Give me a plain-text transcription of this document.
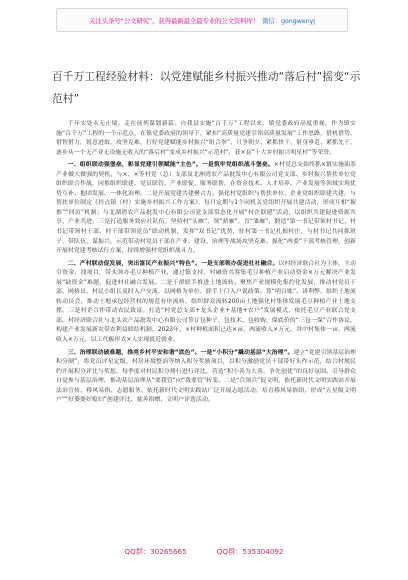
关注头条号“公文研究”，获得最新最全最专业的公文资料库！ 微信：gongwenyj
百千万工程经验材料：以党建赋能乡村振兴推动“落后村”摇变“示范村”

千年实处永无止境，走在前列谋划新篇。自我县实施“百千万”工程以来，镇党委政府高度重视，作为镇实施“百千万”工程的一个示范点，在镇党委政府的领导下，紧扣“高质量党建引领高质量发展”工作思路，借机借势、借智借力，锐意进取、攻坚克难，打好党建赋能乡村振兴“组合拳”，只争朝夕、紧抓快干，射身垂范、紧抓先干，逐步从一个无产业无设施无收入的“落后村”变成乡村振兴“示范村”，获×县“十大乡村振兴明星村”等荣誉。

一、组织联动强堡垒，彰显党建引领赋能“主色”。一是筑牢党组织战斗堡垒。×村党总支始终抓×镇实施油茶产业做大做强的契机，与×、×等村党（总）支部及北洲湾农产品批发中心有限公司党支部、乡村振兴帮扶单位党组织联合作战，同推组织联建、党员联管、产业联促、服务联帮，在资金技术、人才培养、产业发展等领域实现优势互补、抱团发展、一体化治理。二是开展党建共建聚合力。强化村党组织与帮扶单位、企业党组织联建共建，与帮扶单位制定《挂点镇（村）实施乡村振兴工作方案》，每月定期与1个同机关党组织开展共建活动，形成互相“握推”“回访”机制；与北湖湾农产品批发中心有限公司党支部常态化开展“村企联建”活动，以组织共建促进资源共享、产业共进。三是打造服务效应社队伍。坚持村“头雁”、领“薪雁”，育“雏雁”，锻造“第一书记带领村书记、村书记带领村干部、村干部带领党员”联动机制，发挥“双书记”优势，驻村第一书记扎根村庄，与村书记共同抓班子、带队伍、谋振兴，示范带动村党员干部在产业、建设、治理等战场攻坚克难。强化“两委”干部考核管理，创新开展村党建考核试行方案，持续增强村党组织战斗力。

二、产村联动促发展，突出富民产业振兴“特色”。一是支部领办促进社社融合。以村经济联合社为主体，主动引资金、找项目，带头领办毛豆种植产业，通过镇支持、村融资共筹集毛豆种植产业启动资金×万元解决产业发展“缺资金”难题，促进村社融合发展。二是干群联手推进土地流转。聚焦产业规模化集约化发展，推动村党员干部、网格员、村民小组长及时入户交流，以网格为单位，联手上门入户说政策、算“明白账”、讲利弊，组织土地流转动员会，推动土地承包经营权的规范有序流转，组织群众流转200亩土地强化村集体发展毛豆种植产业土地支撑。三是村企合作带动农民致富。打造“村党总支部+龙头企业+基地+农户”发展模式，依托毛豆产业联合党支部，村经济联合社与北头农产品批发中心有限公司签订包种子、包技术、包收购、保底价的“三包一保”合作协议，构建产业发展新农带农利益联结机制。2023年，×村种植面积已达×亩，两流收入×万元，其中村集体一亩、两流收入×万元，以工代赈形式×人实现就近就业。

三、治理联动破难题，推亮乡村平安和谐“底色”。一是“小积分”撬动基层“大治理”。建立“党建引领基层治理积分制”，将党员评星定级、村居环境整治等纳入积分奖励项目，以积分激励党员干部带好头作示范，结合村规民约开展积分评比与奖惩，每季度对村民积分排行进行评比，营造“积小善为大善、争先创优”的良好氛围。引导群众自觉参与基层治理，推动基层治理从“要我管”向“我要管”转变。二是“兵领兵”促文明，依托新时代文明实践站开展法治宣传、移风易俗、志愿服务、依托新时代文明实践站广泛开展志愿活动，培育移风易俗组，形成“五星级文明户”“好婆婆好媳妇”创建评比、慈善捐赠、文明户评选活动。

QQ群：30265665	QQ群：535304092
